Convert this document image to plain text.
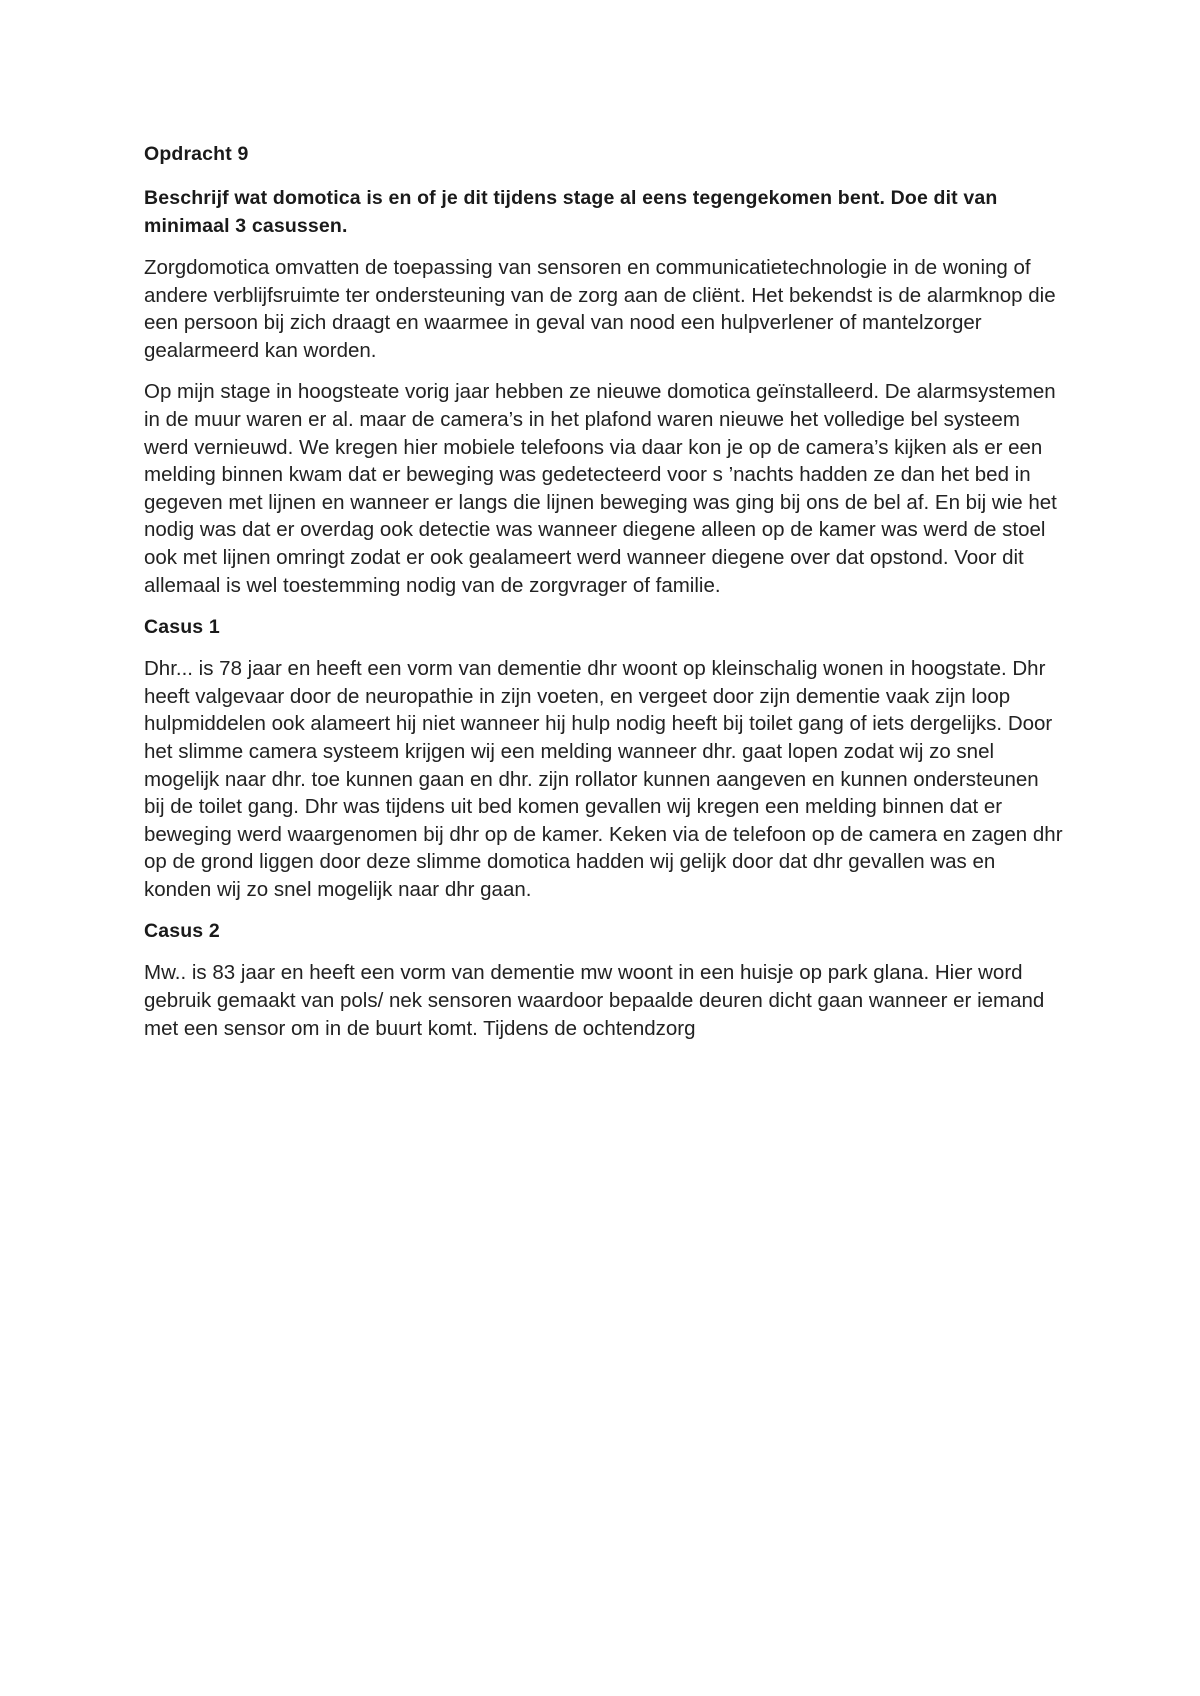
Opdracht 9
Beschrijf wat domotica is en of je dit tijdens stage al eens tegengekomen bent. Doe dit van minimaal 3 casussen.
Zorgdomotica omvatten de toepassing van sensoren en communicatietechnologie in de woning of andere verblijfsruimte ter ondersteuning van de zorg aan de cliënt. Het bekendst is de alarmknop die een persoon bij zich draagt en waarmee in geval van nood een hulpverlener of mantelzorger gealarmeerd kan worden.
Op mijn stage in hoogsteate vorig jaar hebben ze nieuwe domotica geïnstalleerd. De alarmsystemen in de muur waren er al. maar de camera’s in het plafond waren nieuwe het volledige bel systeem werd vernieuwd. We kregen hier mobiele telefoons via daar kon je op de camera’s kijken als er een melding binnen kwam dat er beweging was gedetecteerd voor s ’nachts hadden ze dan het bed in gegeven met lijnen en wanneer er langs die lijnen beweging was ging bij ons de bel af. En bij wie het nodig was dat er overdag ook detectie was wanneer diegene alleen op de kamer was werd de stoel ook met lijnen omringt zodat er ook gealameert werd wanneer diegene over dat opstond. Voor dit allemaal is wel toestemming nodig van de zorgvrager of familie.
Casus 1
Dhr... is 78 jaar en heeft een vorm van dementie dhr woont op kleinschalig wonen in hoogstate. Dhr heeft valgevaar door de neuropathie in zijn voeten, en vergeet door zijn dementie vaak zijn loop hulpmiddelen ook alameert hij niet wanneer hij hulp nodig heeft bij toilet gang of iets dergelijks. Door het slimme camera systeem krijgen wij een melding wanneer dhr. gaat lopen zodat wij zo snel mogelijk naar dhr. toe kunnen gaan en dhr. zijn rollator kunnen aangeven en kunnen ondersteunen bij de toilet gang. Dhr was tijdens uit bed komen gevallen wij kregen een melding binnen dat er beweging werd waargenomen bij dhr op de kamer. Keken via de telefoon op de camera en zagen dhr op de grond liggen door deze slimme domotica hadden wij gelijk door dat dhr gevallen was en konden wij zo snel mogelijk naar dhr gaan.
Casus 2
Mw.. is 83 jaar en heeft een vorm van dementie mw woont in een huisje op park glana. Hier word gebruik gemaakt van pols/ nek sensoren waardoor bepaalde deuren dicht gaan wanneer er iemand met een sensor om in de buurt komt. Tijdens de ochtendzorg
